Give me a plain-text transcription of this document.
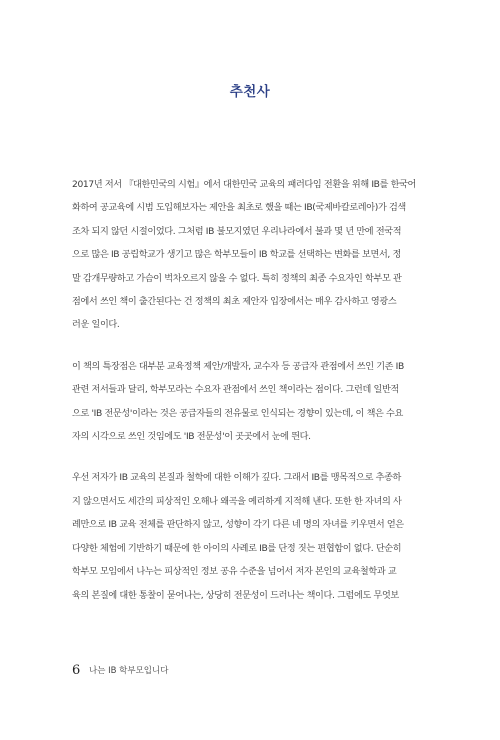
추천사

2017년 저서 『대한민국의 시험』에서 대한민국 교육의 패러다임 전환을 위해 IB를 한국어
화하여 공교육에 시범 도입해보자는 제안을 최초로 했을 때는 IB(국제바칼로레아)가 검색
조차 되지 않던 시절이었다. 그처럼 IB 불모지였던 우리나라에서 불과 몇 년 만에 전국적
으로 많은 IB 공립학교가 생기고 많은 학부모들이 IB 학교를 선택하는 변화를 보면서, 정
말 감개무량하고 가슴이 벅차오르지 않을 수 없다. 특히 정책의 최종 수요자인 학부모 관
점에서 쓰인 책이 출간된다는 건 정책의 최초 제안자 입장에서는 매우 감사하고 영광스
러운 일이다.

이 책의 특장점은 대부분 교육정책 제안/개발자, 교수자 등 공급자 관점에서 쓰인 기존 IB
관련 저서들과 달리, 학부모라는 수요자 관점에서 쓰인 책이라는 점이다. 그런데 일반적
으로 'IB 전문성'이라는 것은 공급자들의 전유물로 인식되는 경향이 있는데, 이 책은 수요
자의 시각으로 쓰인 것임에도 'IB 전문성'이 곳곳에서 눈에 띈다.

우선 저자가 IB 교육의 본질과 철학에 대한 이해가 깊다. 그래서 IB를 맹목적으로 추종하
지 않으면서도 세간의 피상적인 오해나 왜곡을 예리하게 지적해 낸다. 또한 한 자녀의 사
례만으로 IB 교육 전체를 판단하지 않고, 성향이 각기 다른 네 명의 자녀를 키우면서 얻은
다양한 체험에 기반하기 때문에 한 아이의 사례로 IB를 단정 짓는 편협함이 없다. 단순히
학부모 모임에서 나누는 피상적인 정보 공유 수준을 넘어서 저자 본인의 교육철학과 교
육의 본질에 대한 통찰이 묻어나는, 상당히 전문성이 드러나는 책이다. 그럼에도 무엇보

6 나는 IB 학부모입니다
